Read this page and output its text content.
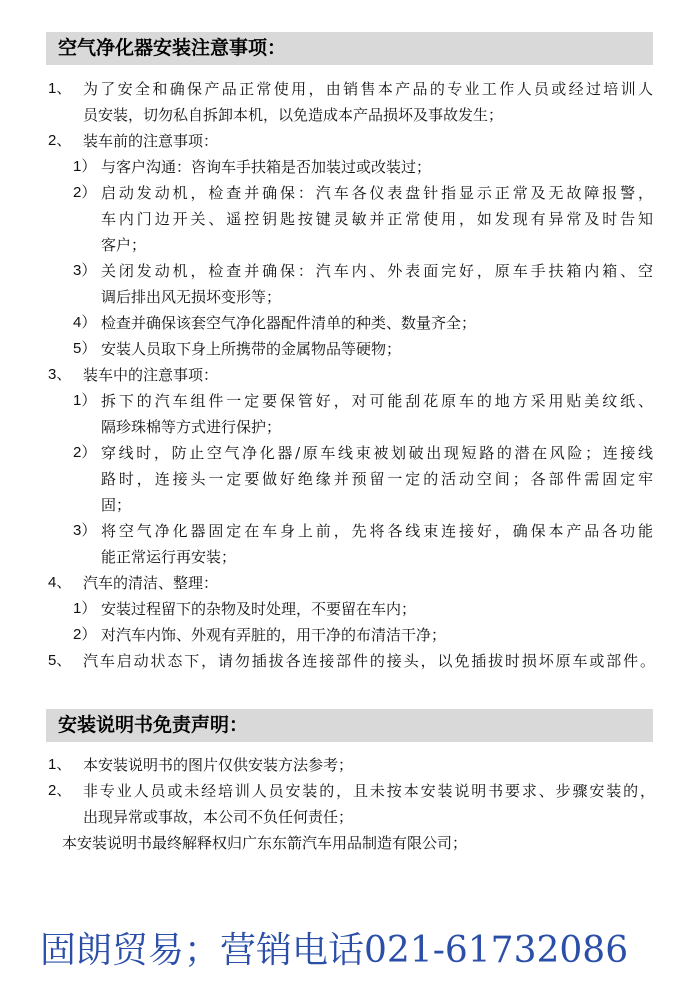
空气净化器安装注意事项：
1、 为了安全和确保产品正常使用，由销售本产品的专业工作人员或经过培训人
员安装，切勿私自拆卸本机，以免造成本产品损坏及事故发生；
2、 装车前的注意事项：
1） 与客户沟通：咨询车手扶箱是否加装过或改装过；
2） 启动发动机，检查并确保：汽车各仪表盘针指显示正常及无故障报警，
车内门边开关、遥控钥匙按键灵敏并正常使用，如发现有异常及时告知
客户；
3） 关闭发动机，检查并确保：汽车内、外表面完好，原车手扶箱内箱、空
调后排出风无损坏变形等；
4） 检查并确保该套空气净化器配件清单的种类、数量齐全；
5） 安装人员取下身上所携带的金属物品等硬物；
3、 装车中的注意事项：
1） 拆下的汽车组件一定要保管好，对可能刮花原车的地方采用贴美纹纸、
隔珍珠棉等方式进行保护；
2） 穿线时，防止空气净化器/原车线束被划破出现短路的潜在风险；连接线
路时，连接头一定要做好绝缘并预留一定的活动空间；各部件需固定牢
固；
3） 将空气净化器固定在车身上前，先将各线束连接好，确保本产品各功能
能正常运行再安装；
4、 汽车的清洁、整理：
1） 安装过程留下的杂物及时处理，不要留在车内；
2） 对汽车内饰、外观有弄脏的，用干净的布清洁干净；
5、 汽车启动状态下，请勿插拔各连接部件的接头，以免插拔时损坏原车或部件。
安装说明书免责声明：
1、 本安装说明书的图片仅供安装方法参考；
2、 非专业人员或未经培训人员安装的，且未按本安装说明书要求、步骤安装的，
出现异常或事故，本公司不负任何责任；
本安装说明书最终解释权归广东东箭汽车用品制造有限公司；
固朗贸易；营销电话021-61732086
